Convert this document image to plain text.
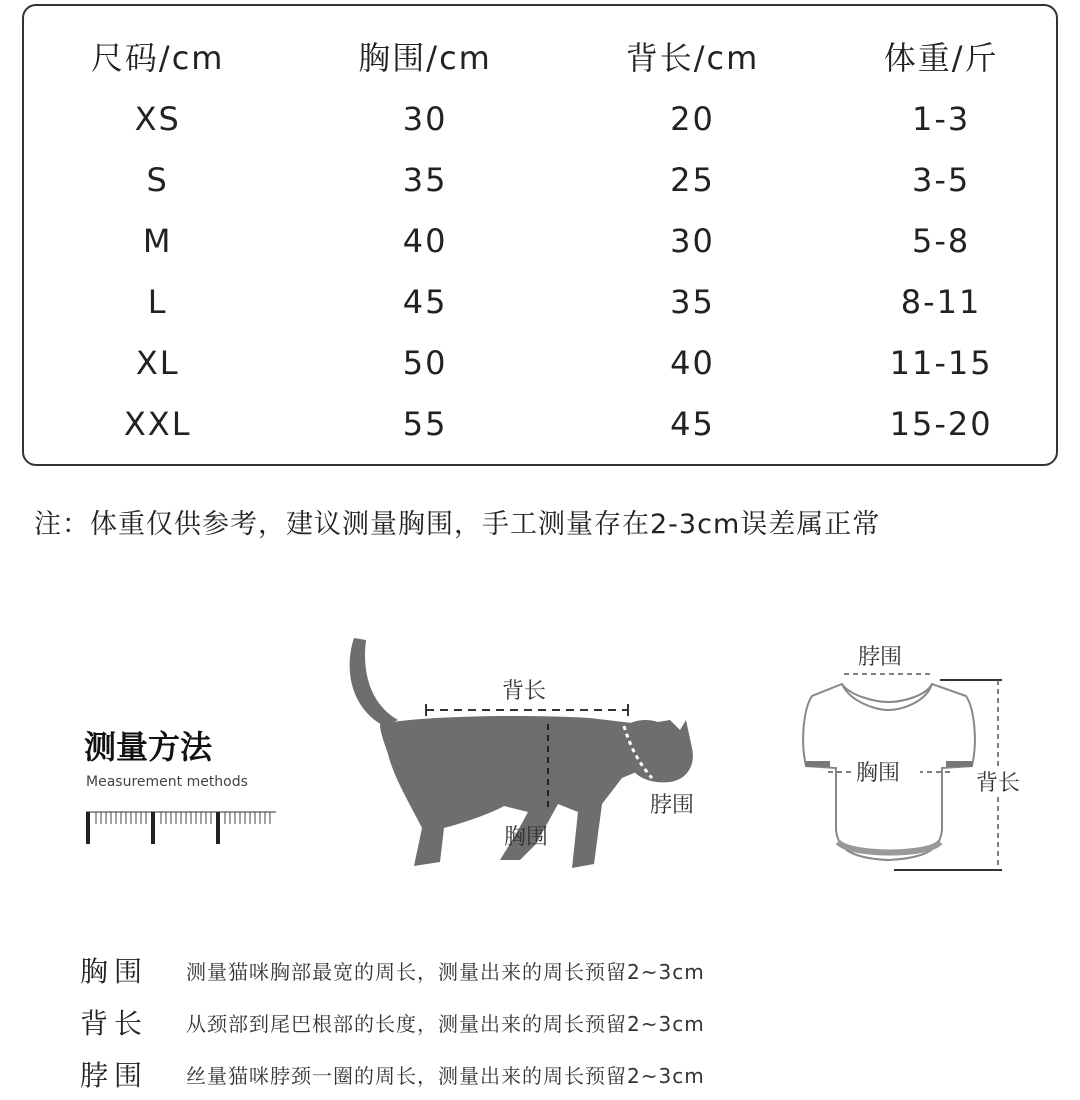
尺码/cm	胸围/cm	背长/cm	体重/斤
XS	30	20	1-3
S	35	25	3-5
M	40	30	5-8
L	45	35	8-11
XL	50	40	11-15
XXL	55	45	15-20
注：体重仅供参考，建议测量胸围，手工测量存在2-3cm误差属正常
测量方法
Measurement methods
背长
胸围
脖围
脖围
胸围	背长
胸围	测量猫咪胸部最宽的周长，测量出来的周长预留2~3cm
背长	从颈部到尾巴根部的长度，测量出来的周长预留2~3cm
脖围	丝量猫咪脖颈一圈的周长，测量出来的周长预留2~3cm
